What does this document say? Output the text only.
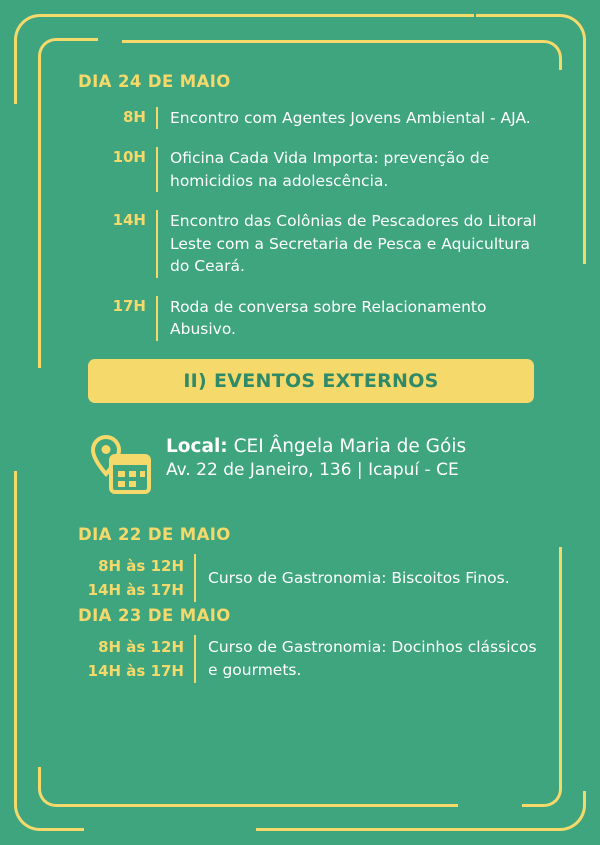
DIA 24 DE MAIO
8H	Encontro com Agentes Jovens Ambiental - AJA.
10H	Oficina Cada Vida Importa: prevenção de homicidios na adolescência.
14H	Encontro das Colônias de Pescadores do Litoral Leste com a Secretaria de Pesca e Aquicultura do Ceará.
17H	Roda de conversa sobre Relacionamento Abusivo.
II) EVENTOS EXTERNOS
Local: CEI Ângela Maria de Góis
Av. 22 de Janeiro, 136 | Icapuí - CE
DIA 22 DE MAIO
8H às 12H 14H às 17H
Curso de Gastronomia: Biscoitos Finos.
DIA 23 DE MAIO
8H às 12H 14H às 17H
Curso de Gastronomia: Docinhos clássicos e gourmets.
